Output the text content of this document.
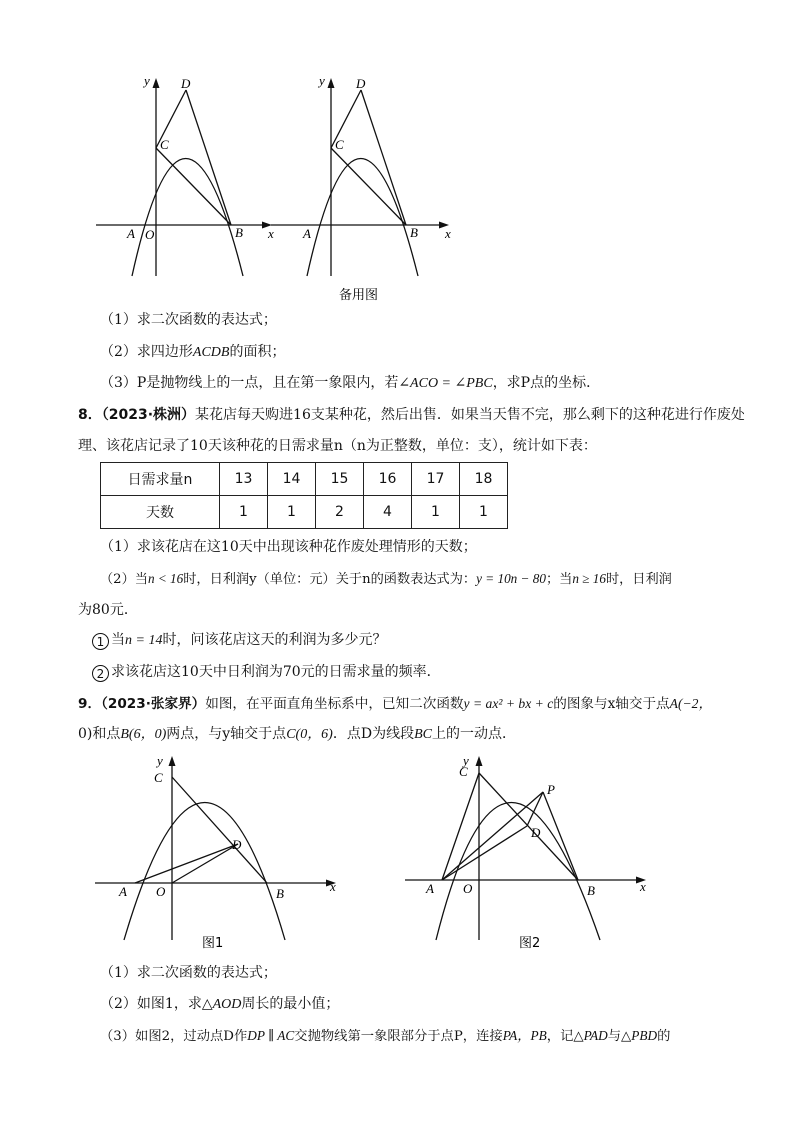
y D
C
A O	B x
y D
C
A	B x
备用图
（1）求二次函数的表达式；
（2）求四边形ACDB的面积；
（3）P是抛物线上的一点，且在第一象限内，若∠ACO = ∠PBC，求P点的坐标．
8．（2023·株洲）某花店每天购进16支某种花，然后出售．如果当天售不完，那么剩下的这种花进行作废处
理、该花店记录了10天该种花的日需求量n（n为正整数，单位：支），统计如下表：
日需求量n	13	14	15	16	17	18
天数	1	1	2	4	1	1
（1）求该花店在这10天中出现该种花作废处理情形的天数；
（2）当n < 16时，日利润y（单位：元）关于n的函数表达式为：y = 10n − 80；当n ≥ 16时，日利润
为80元．
1 当n = 14时，问该花店这天的利润为多少元？
2 求该花店这10天中日利润为70元的日需求量的频率．
9．（2023·张家界）如图，在平面直角坐标系中，已知二次函数y = ax² + bx + c的图象与x轴交于点A(−2，
0)和点B(6，0)两点，与y轴交于点C(0，6)．点D为线段BC上的一动点．
y
C
D
A O	B	x
图1
y
C
P
D
A O	B	x
图2
（1）求二次函数的表达式；
（2）如图1，求△AOD周长的最小值；
（3）如图2，过动点D作DP ∥ AC交抛物线第一象限部分于点P，连接PA，PB，记△PAD与△PBD的
